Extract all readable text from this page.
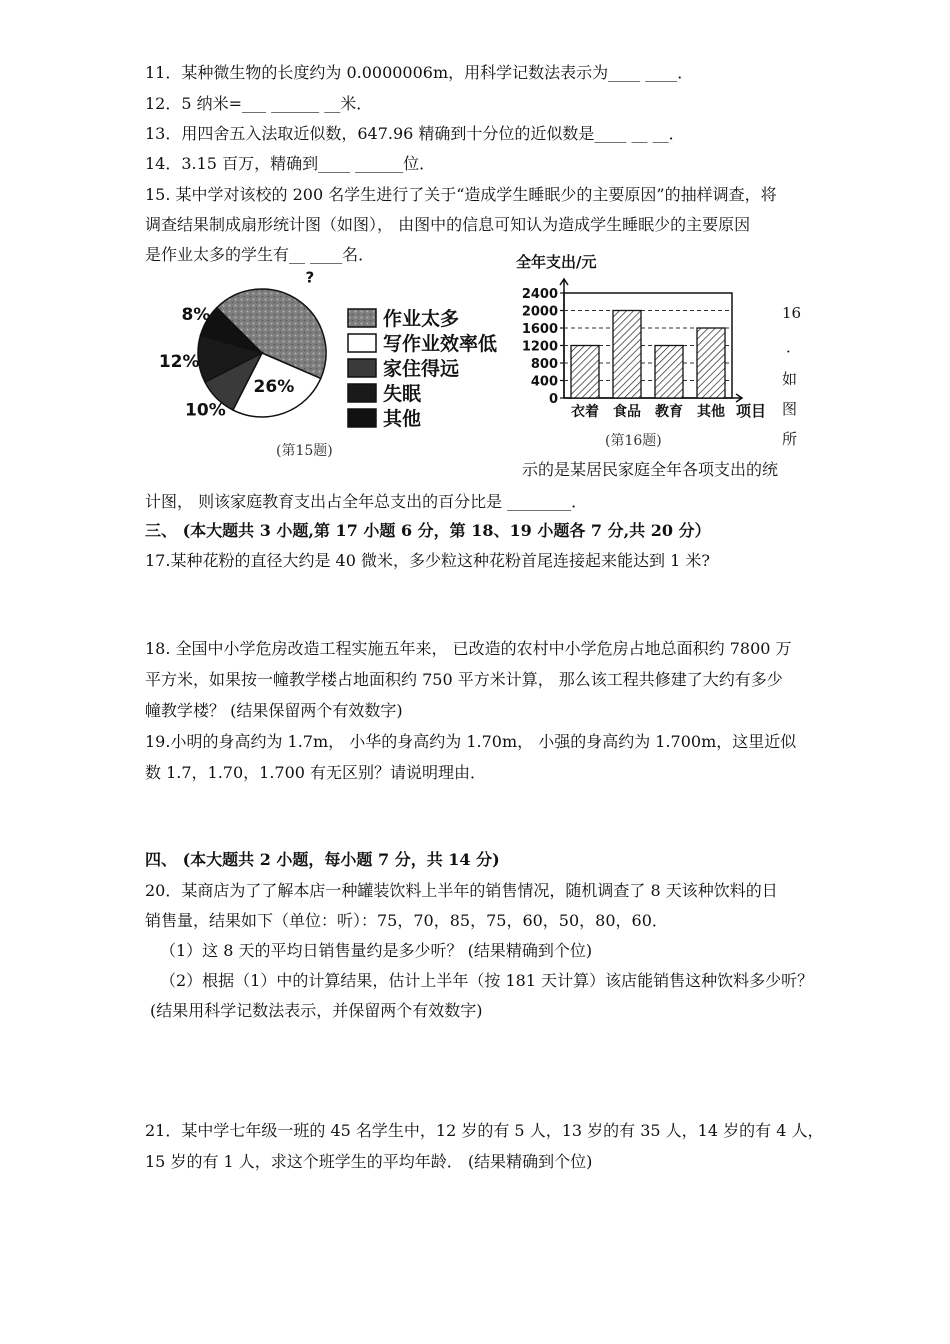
11．某种微生物的长度约为 0.0000006m，用科学记数法表示为____ ____．
12．5 纳米=___ ______ __米．
13．用四舍五入法取近似数，647.96 精确到十分位的近似数是____ __ __．
14．3.15 百万，精确到____ ______位．
15. 某中学对该校的 200 名学生进行了关于“造成学生睡眠少的主要原因”的抽样调查，将
调查结果制成扇形统计图（如图）， 由图中的信息可知认为造成学生睡眠少的主要原因
是作业太多的学生有__ ____名．
?
26%
10%
12%
8%	作业太多
写作业效率低
家住得远
失眠
其他
(第15题)
全年支出/元
0
400
800
1200
1600
2000
2400
衣着 食品 教育 其他 项目
(第16题)
16
．
如
图
所
示的是某居民家庭全年各项支出的统
计图， 则该家庭教育支出占全年总支出的百分比是 ________．
三、 (本大题共 3 小题,第 17 小题 6 分，第 18、19 小题各 7 分,共 20 分）
17.某种花粉的直径大约是 40 微米，多少粒这种花粉首尾连接起来能达到 1 米?
18. 全国中小学危房改造工程实施五年来， 已改造的农村中小学危房占地总面积约 7800 万
平方米，如果按一幢教学楼占地面积约 750 平方米计算， 那么该工程共修建了大约有多少
幢教学楼？ (结果保留两个有效数字)
19.小明的身高约为 1.7m， 小华的身高约为 1.70m， 小强的身高约为 1.700m，这里近似
数 1.7，1.70，1.700 有无区别？请说明理由．
四、 (本大题共 2 小题，每小题 7 分，共 14 分)
20．某商店为了了解本店一种罐装饮料上半年的销售情况，随机调查了 8 天该种饮料的日
销售量，结果如下（单位：听）：75，70，85，75，60，50，80，60．
（1）这 8 天的平均日销售量约是多少听？ (结果精确到个位)
（2）根据（1）中的计算结果，估计上半年（按 181 天计算）该店能销售这种饮料多少听？
(结果用科学记数法表示，并保留两个有效数字)
21．某中学七年级一班的 45 名学生中，12 岁的有 5 人，13 岁的有 35 人，14 岁的有 4 人，
15 岁的有 1 人，求这个班学生的平均年龄． (结果精确到个位)
